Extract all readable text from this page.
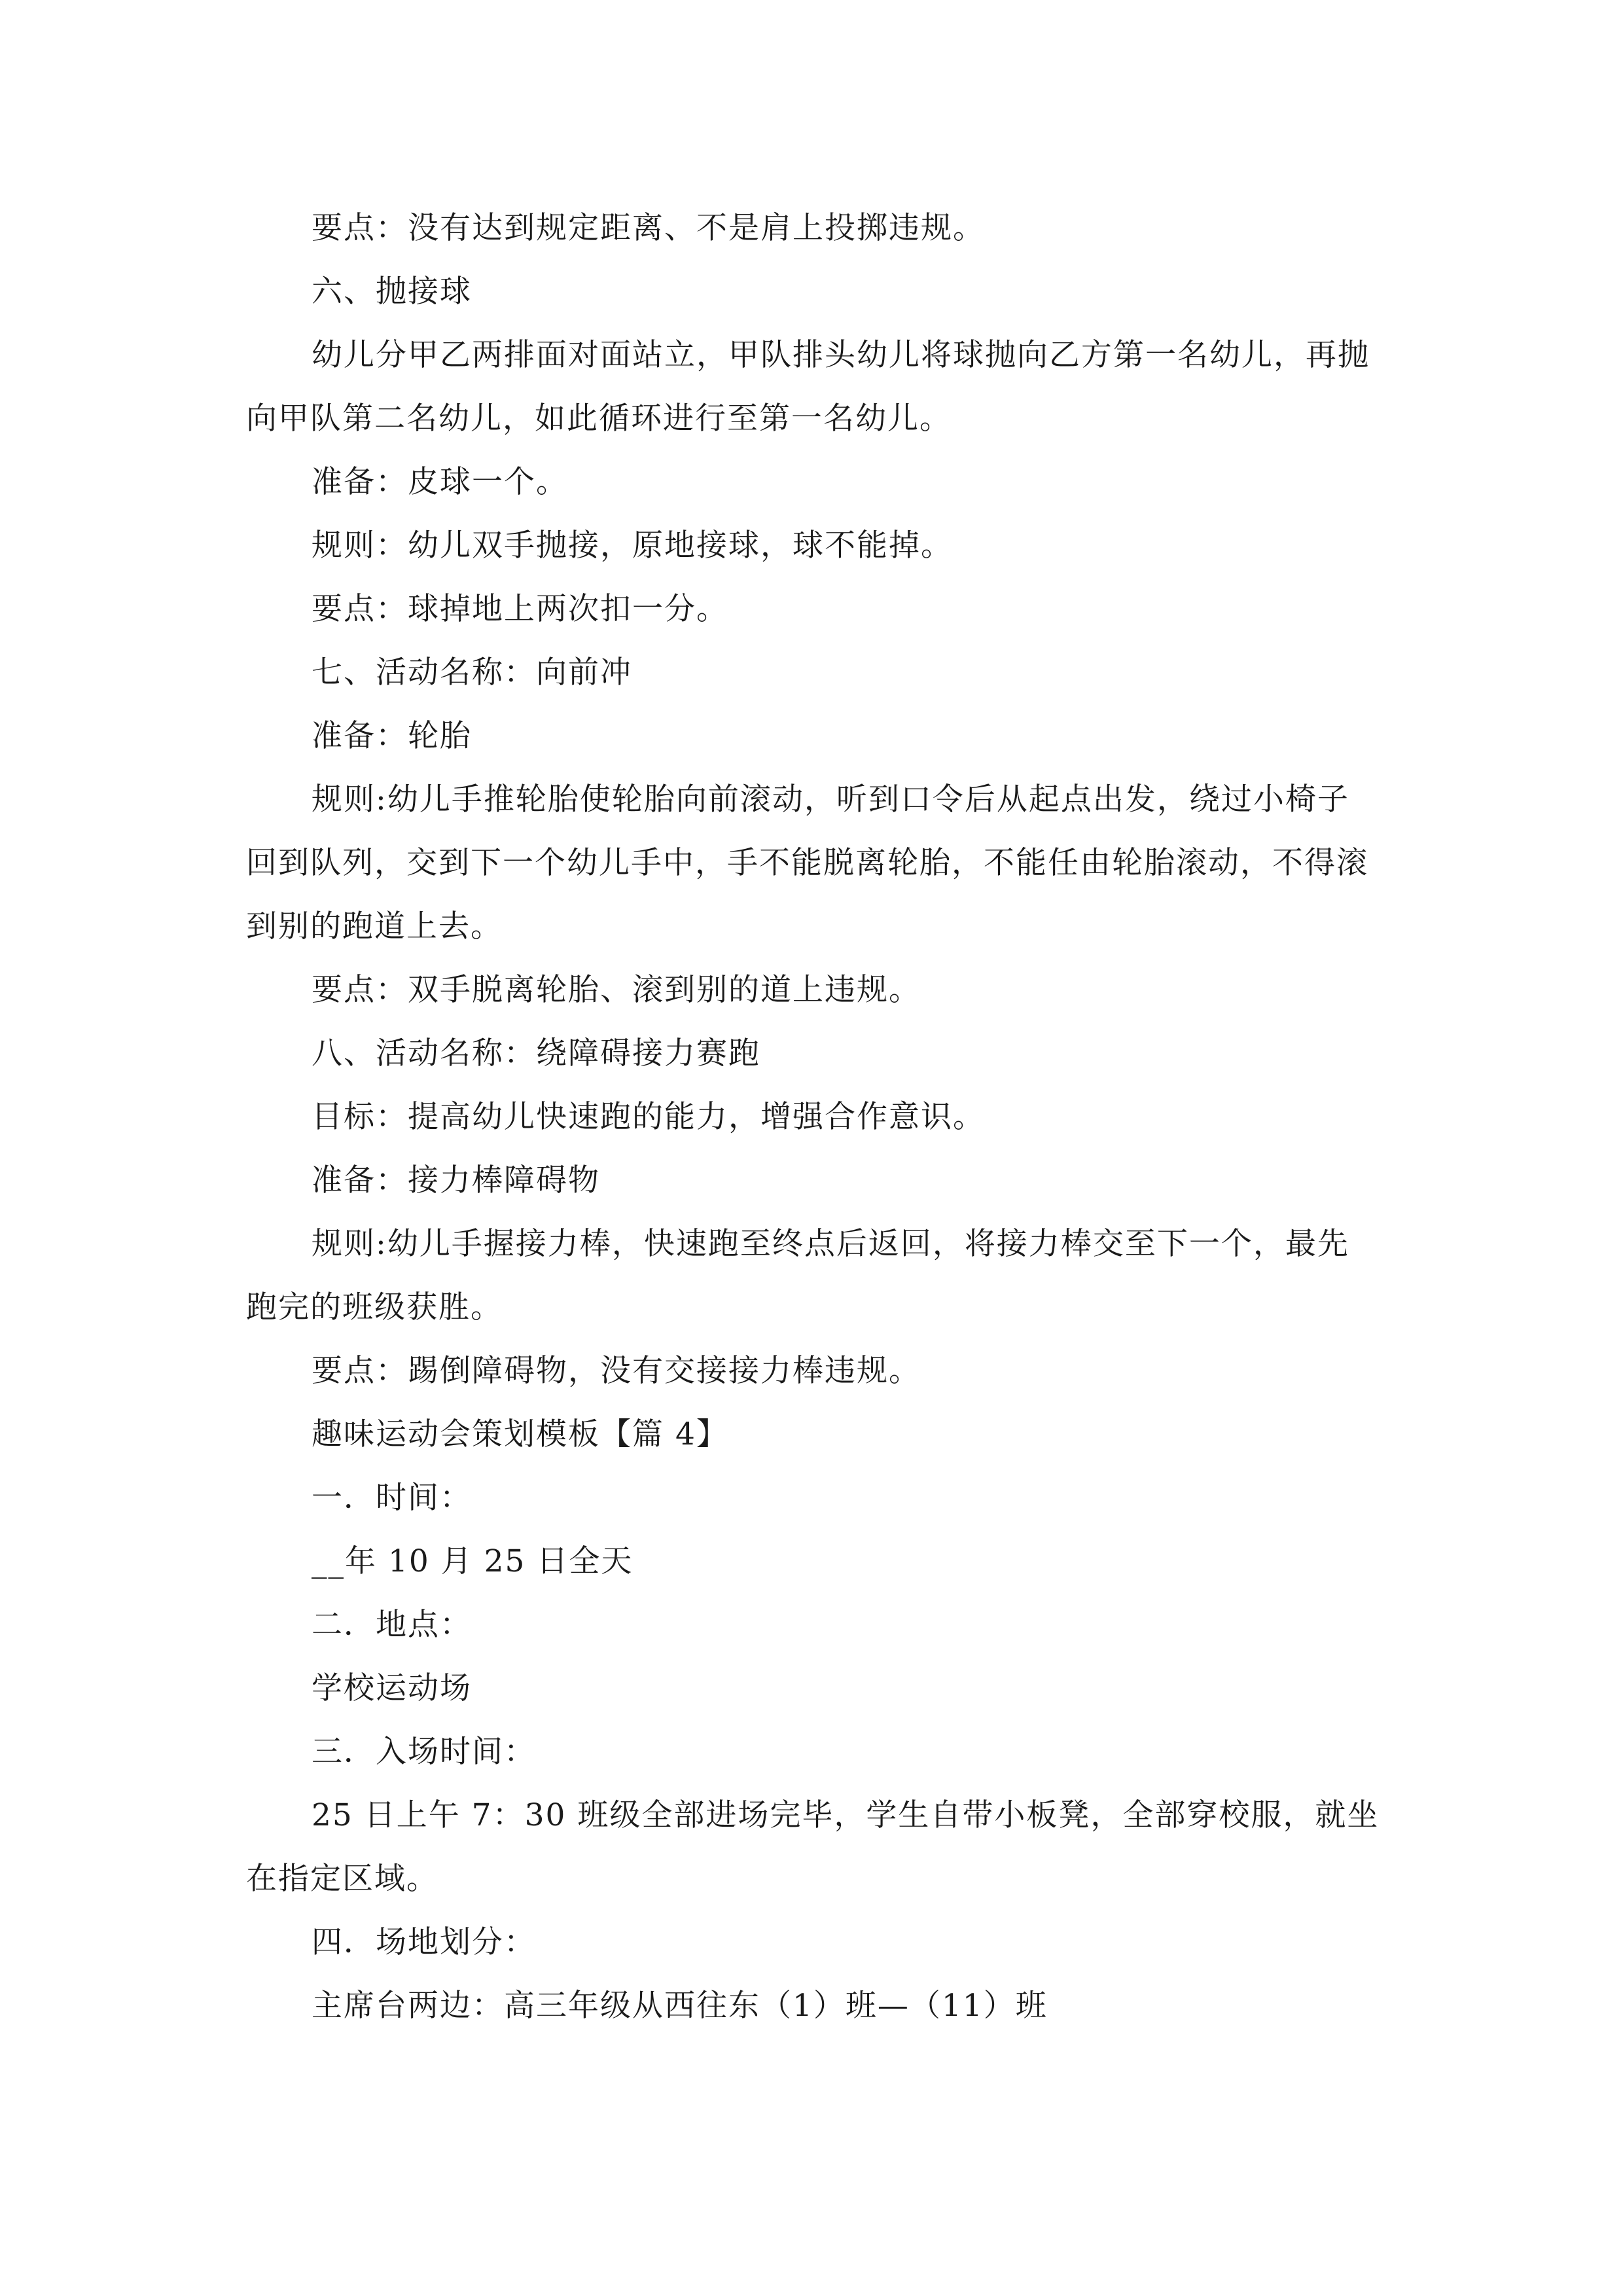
要点：没有达到规定距离、不是肩上投掷违规。
六、抛接球
幼儿分甲乙两排面对面站立，甲队排头幼儿将球抛向乙方第一名幼儿，再抛
向甲队第二名幼儿，如此循环进行至第一名幼儿。
准备：皮球一个。
规则：幼儿双手抛接，原地接球，球不能掉。
要点：球掉地上两次扣一分。
七、活动名称：向前冲
准备：轮胎
规则:幼儿手推轮胎使轮胎向前滚动，听到口令后从起点出发，绕过小椅子
回到队列，交到下一个幼儿手中，手不能脱离轮胎，不能任由轮胎滚动，不得滚
到别的跑道上去。
要点：双手脱离轮胎、滚到别的道上违规。
八、活动名称：绕障碍接力赛跑
目标：提高幼儿快速跑的能力，增强合作意识。
准备：接力棒障碍物
规则:幼儿手握接力棒，快速跑至终点后返回，将接力棒交至下一个，最先
跑完的班级获胜。
要点：踢倒障碍物，没有交接接力棒违规。
趣味运动会策划模板【篇 4】
一．时间：
__年 10 月 25 日全天
二．地点：
学校运动场
三．入场时间：
25 日上午 7：30 班级全部进场完毕，学生自带小板凳，全部穿校服，就坐
在指定区域。
四．场地划分：
主席台两边：高三年级从西往东（1）班—（11）班
